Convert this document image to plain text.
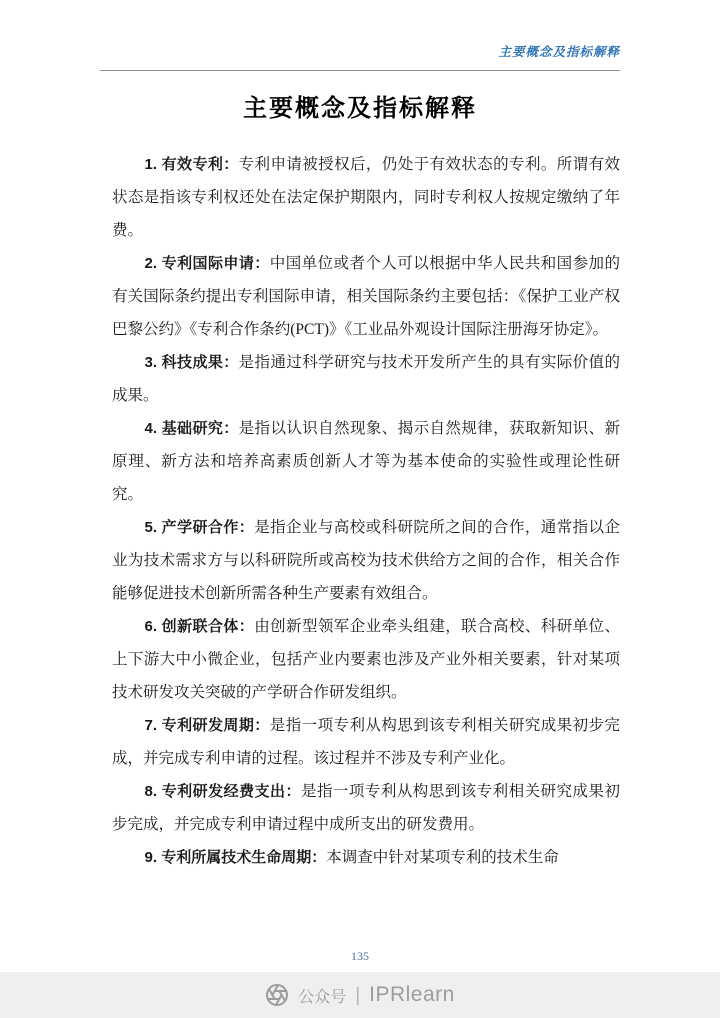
主要概念及指标解释
主要概念及指标解释

1. 有效专利：专利申请被授权后，仍处于有效状态的专利。所谓有效状态是指该专利权还处在法定保护期限内，同时专利权人按规定缴纳了年费。

2. 专利国际申请：中国单位或者个人可以根据中华人民共和国参加的有关国际条约提出专利国际申请，相关国际条约主要包括：《保护工业产权巴黎公约》《专利合作条约(PCT)》《工业品外观设计国际注册海牙协定》。

3. 科技成果：是指通过科学研究与技术开发所产生的具有实际价值的成果。

4. 基础研究：是指以认识自然现象、揭示自然规律，获取新知识、新原理、新方法和培养高素质创新人才等为基本使命的实验性或理论性研究。

5. 产学研合作：是指企业与高校或科研院所之间的合作，通常指以企业为技术需求方与以科研院所或高校为技术供给方之间的合作，相关合作能够促进技术创新所需各种生产要素有效组合。

6. 创新联合体：由创新型领军企业牵头组建，联合高校、科研单位、上下游大中小微企业，包括产业内要素也涉及产业外相关要素，针对某项技术研发攻关突破的产学研合作研发组织。

7. 专利研发周期：是指一项专利从构思到该专利相关研究成果初步完成，并完成专利申请的过程。该过程并不涉及专利产业化。

8. 专利研发经费支出：是指一项专利从构思到该专利相关研究成果初步完成，并完成专利申请过程中成所支出的研发费用。

9. 专利所属技术生命周期：本调查中针对某项专利的技术生命

135
公众号 | IPRlearn
